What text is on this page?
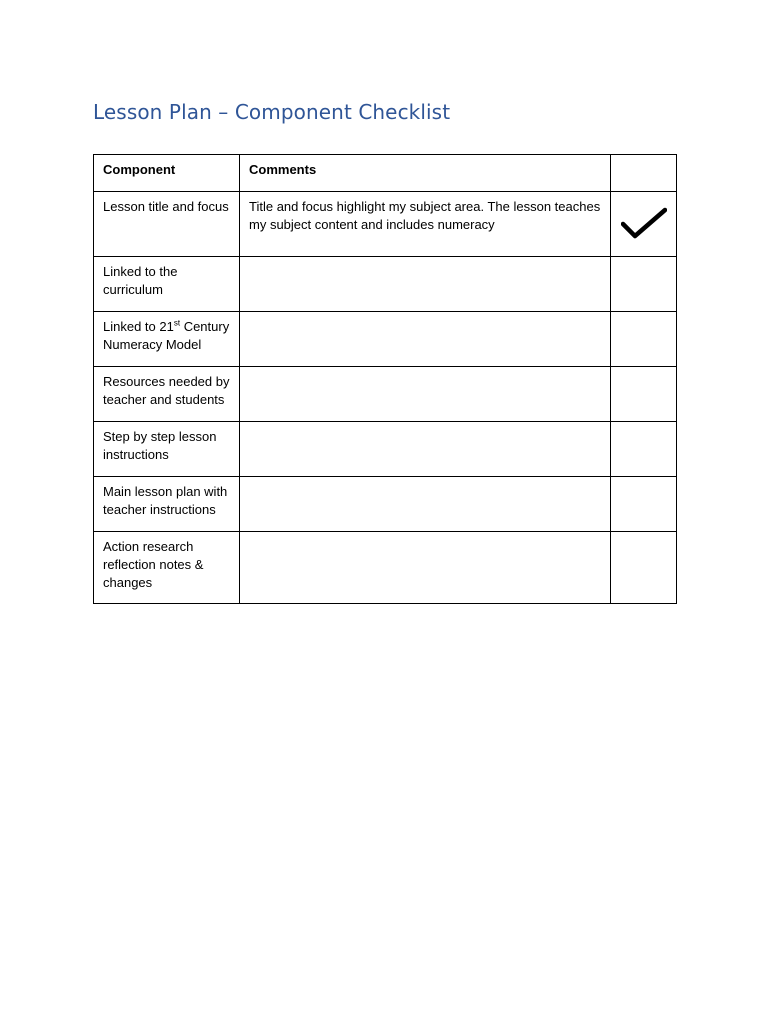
Lesson Plan – Component Checklist
Component	Comments	
Lesson title and focus	Title and focus highlight my subject area. The lesson teaches my subject content and includes numeracy	

Linked to the curriculum		
Linked to 21st Century Numeracy Model		
Resources needed by teacher and students		
Step by step lesson instructions		
Main lesson plan with teacher instructions		
Action research reflection notes & changes		
